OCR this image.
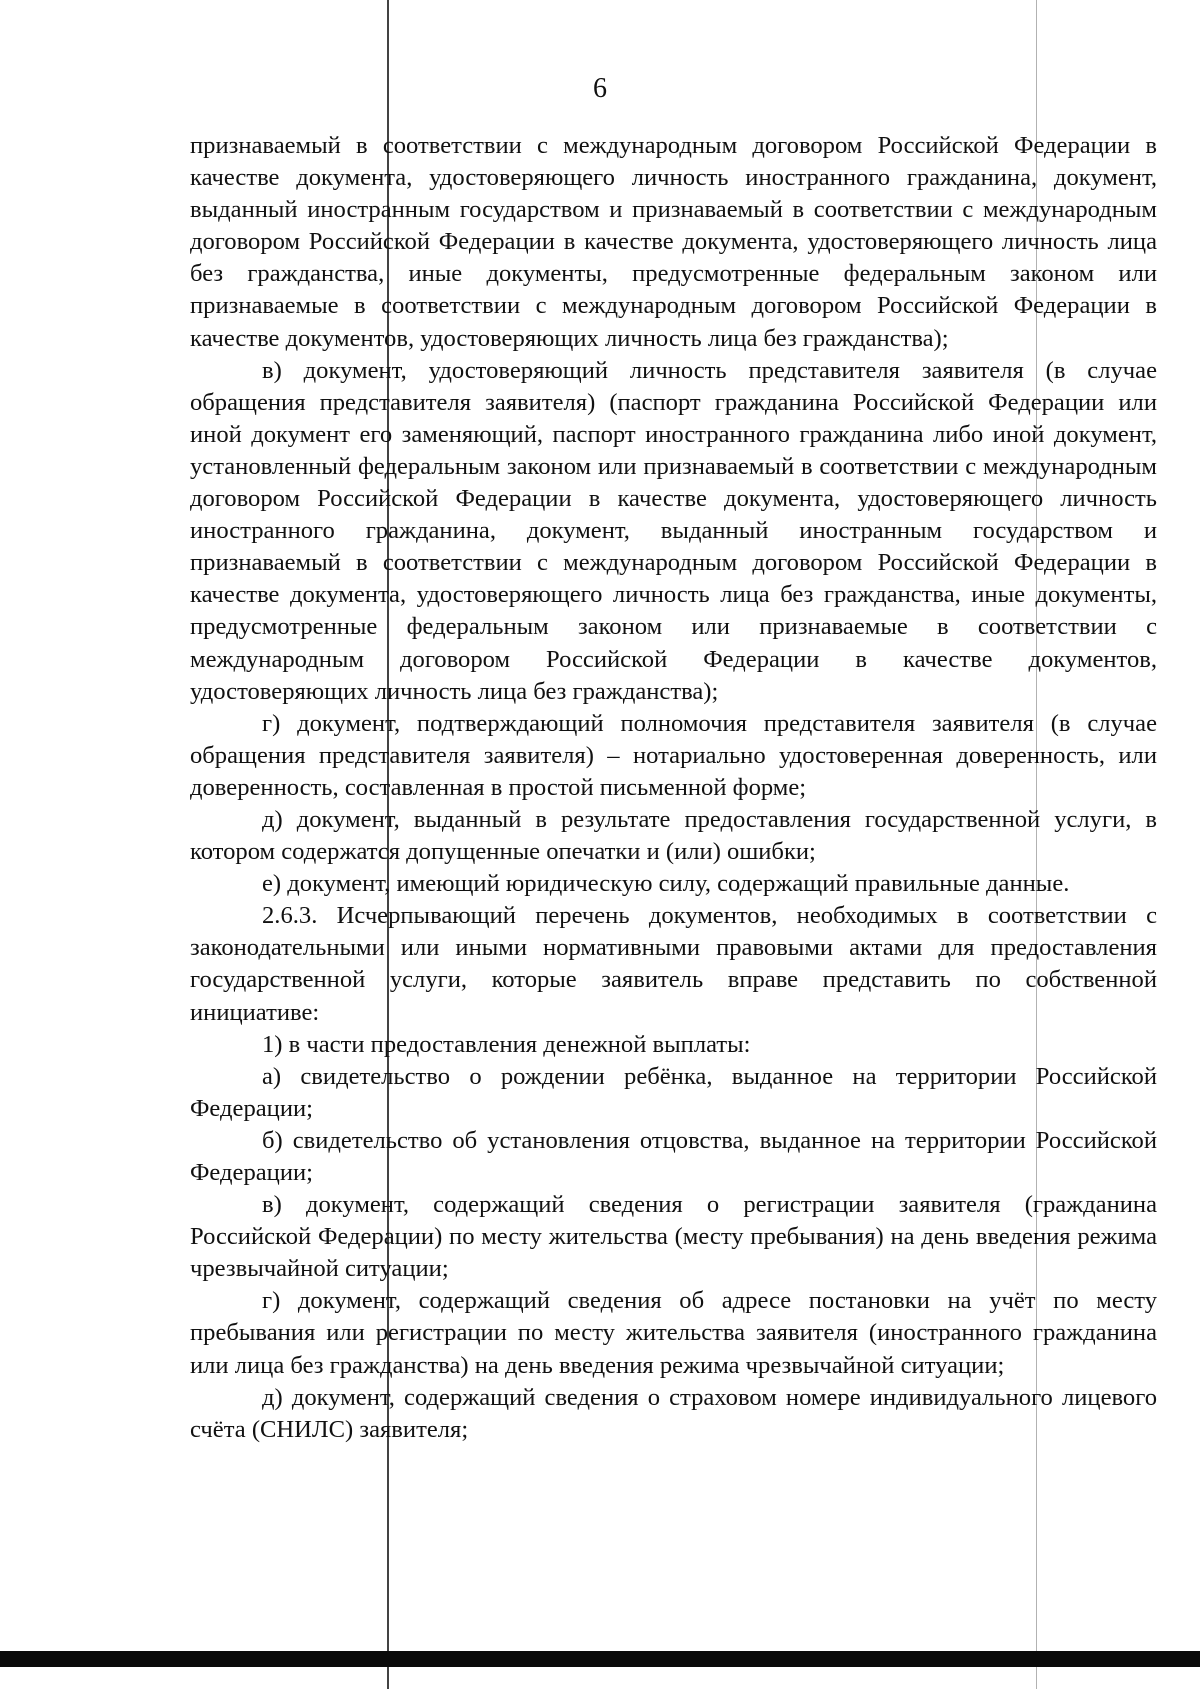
6

признаваемый в соответствии с международным договором Российской Федерации в качестве документа, удостоверяющего личность иностранного гражданина, документ, выданный иностранным государством и признаваемый в соответствии с международным договором Российской Федерации в качестве документа, удостоверяющего личность лица без гражданства, иные документы, предусмотренные федеральным законом или признаваемые в соответствии с международным договором Российской Федерации в качестве документов, удостоверяющих личность лица без гражданства);

в) документ, удостоверяющий личность представителя заявителя (в случае обращения представителя заявителя) (паспорт гражданина Российской Федерации или иной документ его заменяющий, паспорт иностранного гражданина либо иной документ, установленный федеральным законом или признаваемый в соответствии с международным договором Российской Федерации в качестве документа, удостоверяющего личность иностранного гражданина, документ, выданный иностранным государством и признаваемый в соответствии с международным договором Российской Федерации в качестве документа, удостоверяющего личность лица без гражданства, иные документы, предусмотренные федеральным законом или признаваемые в соответствии с международным договором Российской Федерации в качестве документов, удостоверяющих личность лица без гражданства);

г) документ, подтверждающий полномочия представителя заявителя (в случае обращения представителя заявителя) – нотариально удостоверенная доверенность, или доверенность, составленная в простой письменной форме;

д) документ, выданный в результате предоставления государственной услуги, в котором содержатся допущенные опечатки и (или) ошибки;

е) документ, имеющий юридическую силу, содержащий правильные данные.

2.6.3. Исчерпывающий перечень документов, необходимых в соответствии с законодательными или иными нормативными правовыми актами для предоставления государственной услуги, которые заявитель вправе представить по собственной инициативе:

1) в части предоставления денежной выплаты:

а) свидетельство о рождении ребёнка, выданное на территории Российской Федерации;

б) свидетельство об установления отцовства, выданное на территории Российской Федерации;

в) документ, содержащий сведения о регистрации заявителя (гражданина Российской Федерации) по месту жительства (месту пребывания) на день введения режима чрезвычайной ситуации;

г) документ, содержащий сведения об адресе постановки на учёт по месту пребывания или регистрации по месту жительства заявителя (иностранного гражданина или лица без гражданства) на день введения режима чрезвычайной ситуации;

д) документ, содержащий сведения о страховом номере индивидуального лицевого счёта (СНИЛС) заявителя;
